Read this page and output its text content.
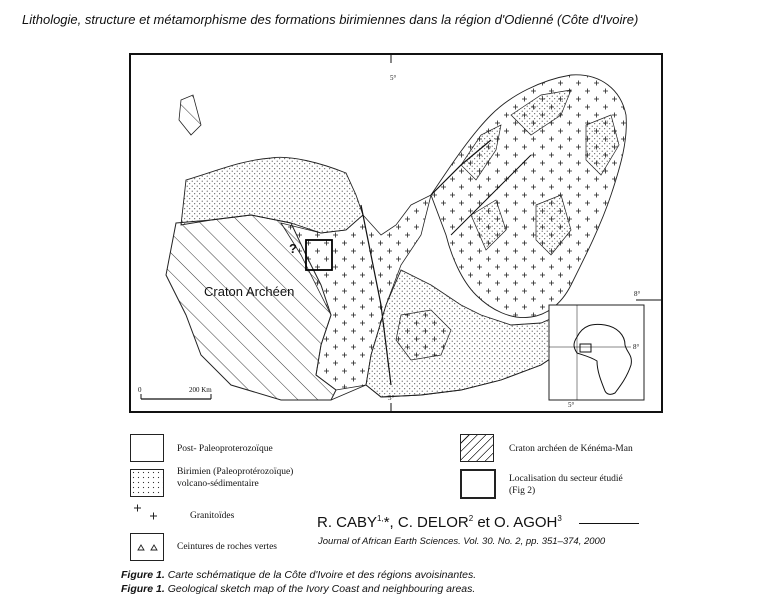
Lithologie, structure et métamorphisme des formations birimiennes dans la région d'Odienné (Côte d'Ivoire)
5°
5°
8°
8°
5°
0	200 Km
Craton Archéen
?
Post- Paleoproterozoïque
Birimien (Paleoprotérozoïque)
volcano-sédimentaire
Granitoïdes
Ceintures de roches vertes
Craton archéen de Kénéma-Man
Localisation du secteur étudié
(Fig 2)
R. $CABY^{1,}*$, C. DELOR$^2$ et O. AGOH$^3$
Journal of African Earth Sciences. Vol. 30. No. 2, pp. 351–374, 2000
Figure 1. Carte schématique de la Côte d'Ivoire et des régions avoisinantes.
Figure 1. Geological sketch map of the Ivory Coast and neighbouring areas.
